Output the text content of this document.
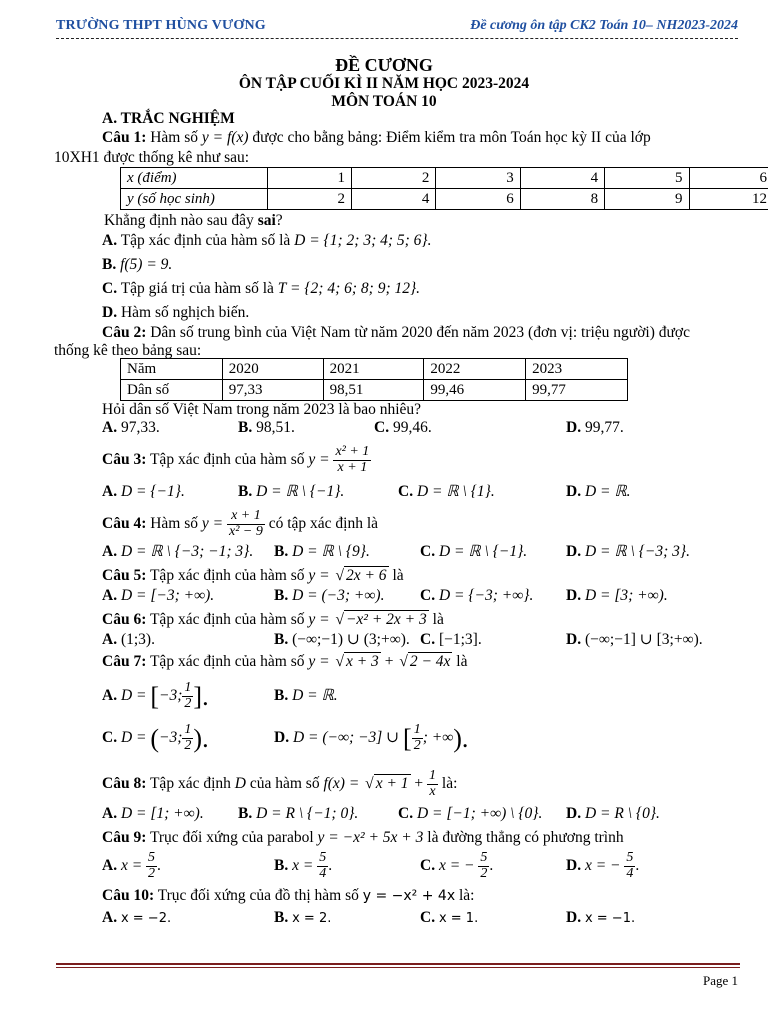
TRƯỜNG THPT HÙNG VƯƠNG	Đề cương ôn tập CK2 Toán 10– NH2023-2024
ĐỀ CƯƠNG
ÔN TẬP CUỐI KÌ II NĂM HỌC 2023-2024
MÔN TOÁN 10
A. TRẮC NGHIỆM
Câu 1: Hàm số y = f(x) được cho bằng bảng: Điểm kiểm tra môn Toán học kỳ II của lớp
10XH1 được thống kê như sau:
x (điểm)	1	2	3	4	5	6
y (số học sinh)	2	4	6	8	9	12
Khẳng định nào sau đây sai?
A. Tập xác định của hàm số là D = {1; 2; 3; 4; 5; 6}.
B. f(5) = 9.
C. Tập giá trị của hàm số là T = {2; 4; 6; 8; 9; 12}.
D. Hàm số nghịch biến.
Câu 2: Dân số trung bình của Việt Nam từ năm 2020 đến năm 2023 (đơn vị: triệu người) được
thống kê theo bảng sau:
Năm	2020	2021	2022	2023
Dân số	97,33	98,51	99,46	99,77
Hỏi dân số Việt Nam trong năm 2023 là bao nhiêu?
A. 97,33.	B. 98,51.	C. 99,46.	D. 99,77.
Câu 3: Tập xác định của hàm số $y = \frac{\text{x² + 1}}{x + 1}$
A. D = {−1}.	B. D = ℝ \ {−1}.	C. D = ℝ \ {1}.	D. D = ℝ.
Câu 4: Hàm số $y = \frac{x + 1}{\text{x² − 9}}$ có tập xác định là
A. D = ℝ \ {−3; −1; 3}. B. D = ℝ \ {9}.	C. D = ℝ \ {−1}.	D. D = ℝ \ {−3; 3}.
Câu 5: Tập xác định của hàm số y = √ 2x + 6 là
A. D = [−3; +∞).	B. D = (−3; +∞). C. D = {−3; +∞}. D. D = [3; +∞).
Câu 6: Tập xác định của hàm số y = √ −x² + 2x + 3 là
A. (1;3).	B. (−∞;−1) ∪ (3;+∞). C. [−1;3].	D. (−∞;−1] ∪ [3;+∞).
Câu 7: Tập xác định của hàm số y = √ x + 3 + √ 2 − 4x là
A. D = [−3; $\frac{1}{2}$ ].	B. D = ℝ.
C. D = (−3; $\frac{1}{2}$ ).	D. D = (−∞; −3] ∪ [ $\frac{1}{2}$ ; +∞).
Câu 8: Tập xác định D của hàm số f(x) = √ $x + 1 + \frac{1}{x}$ là:
A. D = [1; +∞). B. D = R \ {−1; 0}.	C. D = [−1; +∞) \ {0}. D. D = R \ {0}.
Câu 9: Trục đối xứng của parabol y = −x² + 5x + 3 là đường thẳng có phương trình
A. $x = \frac{5}{2}$ .	B. $x = \frac{5}{4}$ .	C. x = − $\frac{5}{2}$ .	D. x = − $\frac{5}{4}$ .
Câu 10: Trục đối xứng của đồ thị hàm số y = −x² + 4x là:
A. x = −2.	B. x = 2.	C. x = 1.	D. x = −1.
Page 1
